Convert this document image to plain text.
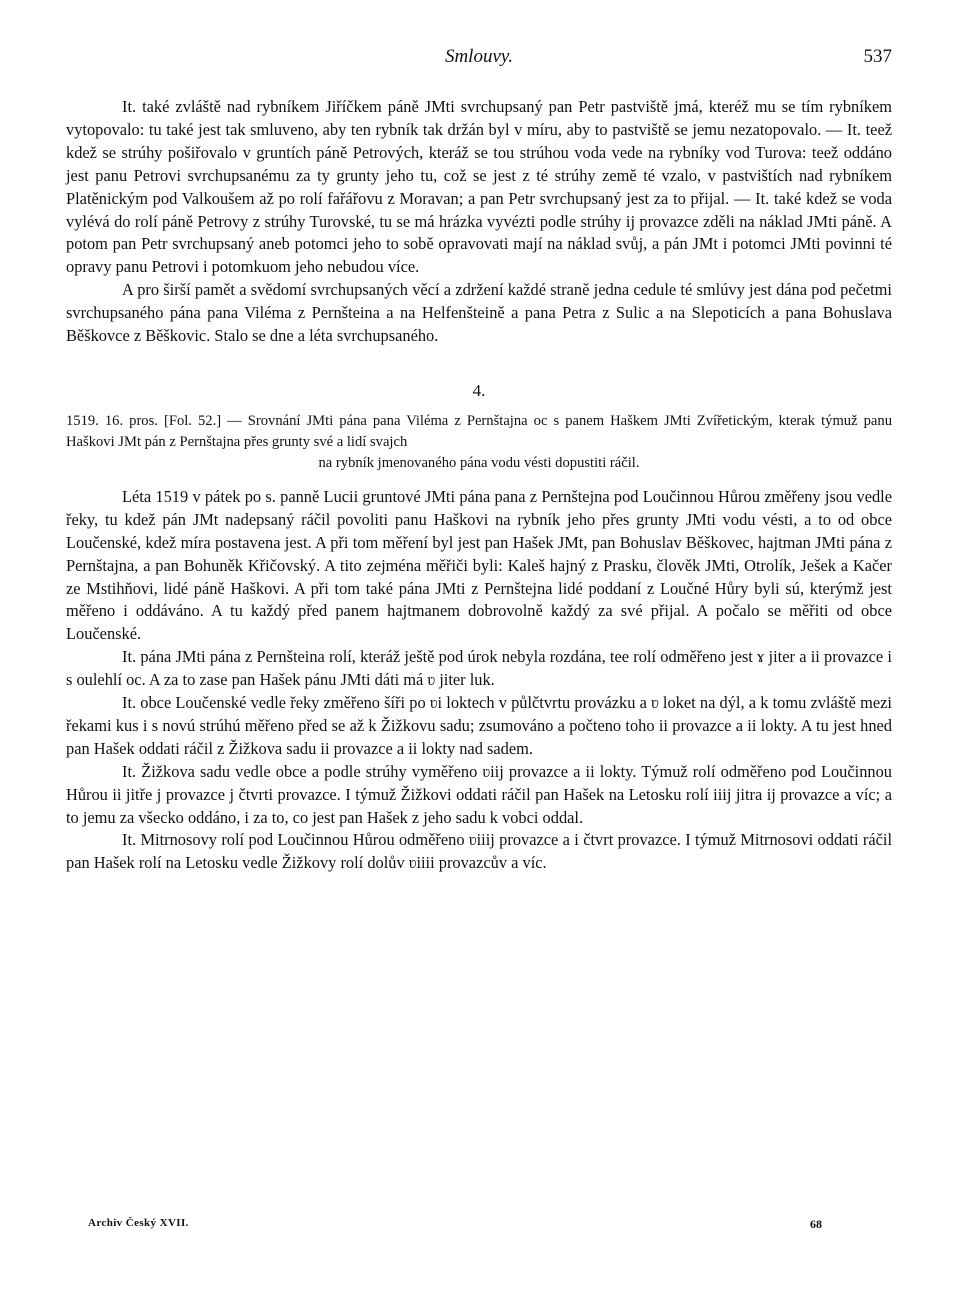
Smlouvy.	537

It. také zvláště nad rybníkem Jiříčkem páně JMti svrchupsaný pan Petr pastviště jmá, kteréž mu se tím rybníkem vytopovalo: tu také jest tak smluveno, aby ten rybník tak držán byl v míru, aby to pastviště se jemu nezatopovalo. — It. teež kdež se strúhy pošiřovalo v gruntích páně Petrových, kteráž se tou strúhou voda vede na rybníky vod Turova: teež oddáno jest panu Petrovi svrchupsanému za ty grunty jeho tu, což se jest z té strúhy země té vzalo, v pastvištích nad rybníkem Platěnickým pod Valkoušem až po rolí fařářovu z Moravan; a pan Petr svrchupsaný jest za to přijal. — It. také kdež se voda vylévá do rolí páně Petrovy z strúhy Turovské, tu se má hrázka vyvézti podle strúhy ij provazce zděli na náklad JMti páně. A potom pan Petr svrchupsaný aneb potomci jeho to sobě opravovati mají na náklad svůj, a pán JMt i potomci JMti povinni té opravy panu Petrovi i potomkuom jeho nebudou více.

A pro širší pamět a svědomí svrchupsaných věcí a zdržení každé straně jedna cedule té smlúvy jest dána pod pečetmi svrchupsaného pána pana Viléma z Pernšteina a na Helfenšteině a pana Petra z Sulic a na Slepoticích a pana Bohuslava Běškovce z Běškovic. Stalo se dne a léta svrchupsaného.

4.
1519. 16. pros. [Fol. 52.] — Srovnání JMti pána pana Viléma z Pernštajna oc s panem Haškem JMti Zvířetickým, kterak týmuž panu Haškovi JMt pán z Pernštajna přes grunty své a lidí svajch
na rybník jmenovaného pána vodu vésti dopustiti ráčil.

Léta 1519 v pátek po s. panně Lucii gruntové JMti pána pana z Pernštejna pod Loučinnou Hůrou změřeny jsou vedle řeky, tu kdež pán JMt nadepsaný ráčil povoliti panu Haškovi na rybník jeho přes grunty JMti vodu vésti, a to od obce Loučenské, kdež míra postavena jest. A při tom měření byl jest pan Hašek JMt, pan Bohuslav Běškovec, hajtman JMti pána z Pernštajna, a pan Bohuněk Křičovský. A tito zejména měřiči byli: Kaleš hajný z Prasku, člověk JMti, Otrolík, Ješek a Kačer ze Mstihňovi, lidé páně Haškovi. A při tom také pána JMti z Pernštejna lidé poddaní z Loučné Hůry byli sú, kterýmž jest měřeno i oddáváno. A tu každý před panem hajtmanem dobrovolně každý za své přijal. A počalo se měřiti od obce Loučenské.

It. pána JMti pána z Pernšteina rolí, kteráž ještě pod úrok nebyla rozdána, tee rolí odměřeno jest ɤ jiter a ii provazce i s oulehlí oc. A za to zase pan Hašek pánu JMti dáti má ʋ jiter luk.

It. obce Loučenské vedle řeky změřeno šíři po ʋi loktech v půlčtvrtu provázku a ʋ loket na dýl, a k tomu zvláště mezi řekami kus i s novú strúhú měřeno před se až k Žižkovu sadu; zsumováno a počteno toho ii provazce a ii lokty. A tu jest hned pan Hašek oddati ráčil z Žižkova sadu ii provazce a ii lokty nad sadem.

It. Žižkova sadu vedle obce a podle strúhy vyměřeno ʋiij provazce a ii lokty. Týmuž rolí odměřeno pod Loučinnou Hůrou ii jitře j provazce j čtvrti provazce. I týmuž Žižkovi oddati ráčil pan Hašek na Letosku rolí iiij jitra ij provazce a víc; a to jemu za všecko oddáno, i za to, co jest pan Hašek z jeho sadu k vobci oddal.

It. Mitrnosovy rolí pod Loučinnou Hůrou odměřeno ʋiiij provazce a i čtvrt provazce. I týmuž Mitrnosovi oddati ráčil pan Hašek rolí na Letosku vedle Žižkovy rolí dolův ʋiiii provazcův a víc.

Archiv Český XVII.	68
